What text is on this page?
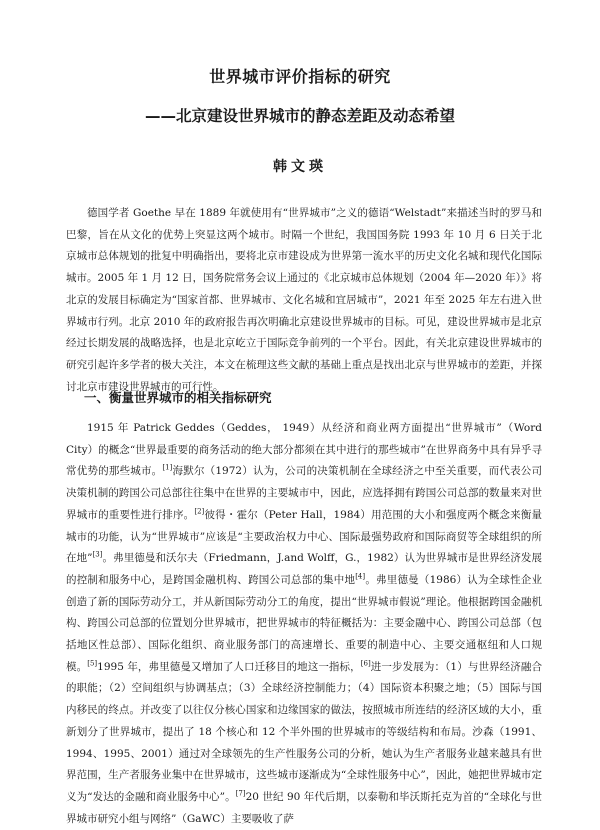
世界城市评价指标的研究
——北京建设世界城市的静态差距及动态希望
韩文瑛

德国学者 Goethe 早在 1889 年就使用有“世界城市”之义的德语“Welstadt”来描述当时的罗马和巴黎，旨在从文化的优势上突显这两个城市。时隔一个世纪，我国国务院 1993 年 10 月 6 日关于北京城市总体规划的批复中明确指出，要将北京市建设成为世界第一流水平的历史文化名城和现代化国际城市。2005 年 1 月 12 日，国务院常务会议上通过的《北京城市总体规划（2004 年—2020 年）》将北京的发展目标确定为“国家首都、世界城市、文化名城和宜居城市”，2021 年至 2025 年左右进入世界城市行列。北京 2010 年的政府报告再次明确北京建设世界城市的目标。可见，建设世界城市是北京经过长期发展的战略选择，也是北京屹立于国际竞争前列的一个平台。因此，有关北京建设世界城市的研究引起许多学者的极大关注，本文在梳理这些文献的基础上重点是找出北京与世界城市的差距，并探讨北京市建设世界城市的可行性。

一、衡量世界城市的相关指标研究

1915 年 Patrick Geddes（Geddes， 1949）从经济和商业两方面提出“世界城市”（Word City）的概念“世界最重要的商务活动的绝大部分都须在其中进行的那些城市”在世界商务中具有异乎寻常优势的那些城市。[1]海默尔（1972）认为，公司的决策机制在全球经济之中至关重要，而代表公司决策机制的跨国公司总部往往集中在世界的主要城市中，因此，应选择拥有跨国公司总部的数量来对世界城市的重要性进行排序。[2]彼得・霍尔（Peter Hall，1984）用范围的大小和强度两个概念来衡量城市的功能，认为“世界城市”应该是“主要政治权力中心、国际最强势政府和国际商贸等全球组织的所在地”[3]。弗里德曼和沃尔夫（Friedmann，J.and Wolff，G.，1982）认为世界城市是世界经济发展的控制和服务中心，是跨国金融机构、跨国公司总部的集中地[4]。弗里德曼（1986）认为全球性企业创造了新的国际劳动分工，并从新国际劳动分工的角度，提出“世界城市假说”理论。他根据跨国金融机构、跨国公司总部的位置划分世界城市，把世界城市的特征概括为：主要金融中心、跨国公司总部（包括地区性总部）、国际化组织、商业服务部门的高速增长、重要的制造中心、主要交通枢纽和人口规模。[5]1995 年，弗里德曼又增加了人口迁移目的地这一指标，[6]进一步发展为：（1）与世界经济融合的职能；（2）空间组织与协调基点；（3）全球经济控制能力；（4）国际资本积聚之地；（5）国际与国内移民的终点。并改变了以往仅分核心国家和边缘国家的做法，按照城市所连结的经济区域的大小，重新划分了世界城市，提出了 18 个核心和 12 个半外围的世界城市的等级结构和布局。沙森（1991、1994、1995、2001）通过对全球领先的生产性服务公司的分析，她认为生产者服务业越来越具有世界范围，生产者服务业集中在世界城市，这些城市逐渐成为“全球性服务中心”，因此，她把世界城市定义为“发达的金融和商业服务中心”。[7]20 世纪 90 年代后期，以泰勒和毕沃斯托克为首的“全球化与世界城市研究小组与网络”（GaWC）主要吸收了萨
